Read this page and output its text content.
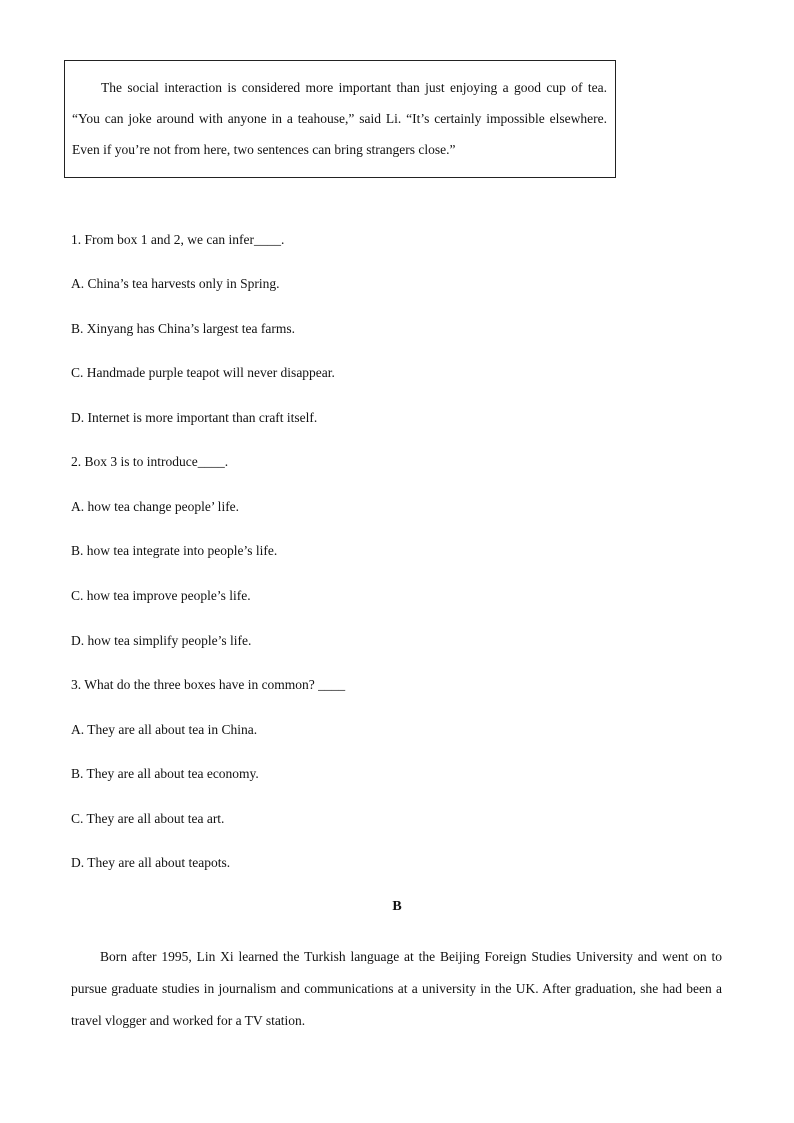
The social interaction is considered more important than just enjoying a good cup of tea. “You can joke around with anyone in a teahouse,” said Li. “It’s certainly impossible elsewhere. Even if you’re not from here, two sentences can bring strangers close.”

1. From box 1 and 2, we can infer____.

A. China’s tea harvests only in Spring.

B. Xinyang has China’s largest tea farms.

C. Handmade purple teapot will never disappear.

D. Internet is more important than craft itself.

2. Box 3 is to introduce____.

A. how tea change people’ life.

B. how tea integrate into people’s life.

C. how tea improve people’s life.

D. how tea simplify people’s life.

3. What do the three boxes have in common? ____

A. They are all about tea in China.

B. They are all about tea economy.

C. They are all about tea art.

D. They are all about teapots.

B

Born after 1995, Lin Xi learned the Turkish language at the Beijing Foreign Studies University and went on to pursue graduate studies in journalism and communications at a university in the UK. After graduation, she had been a travel vlogger and worked for a TV station.
